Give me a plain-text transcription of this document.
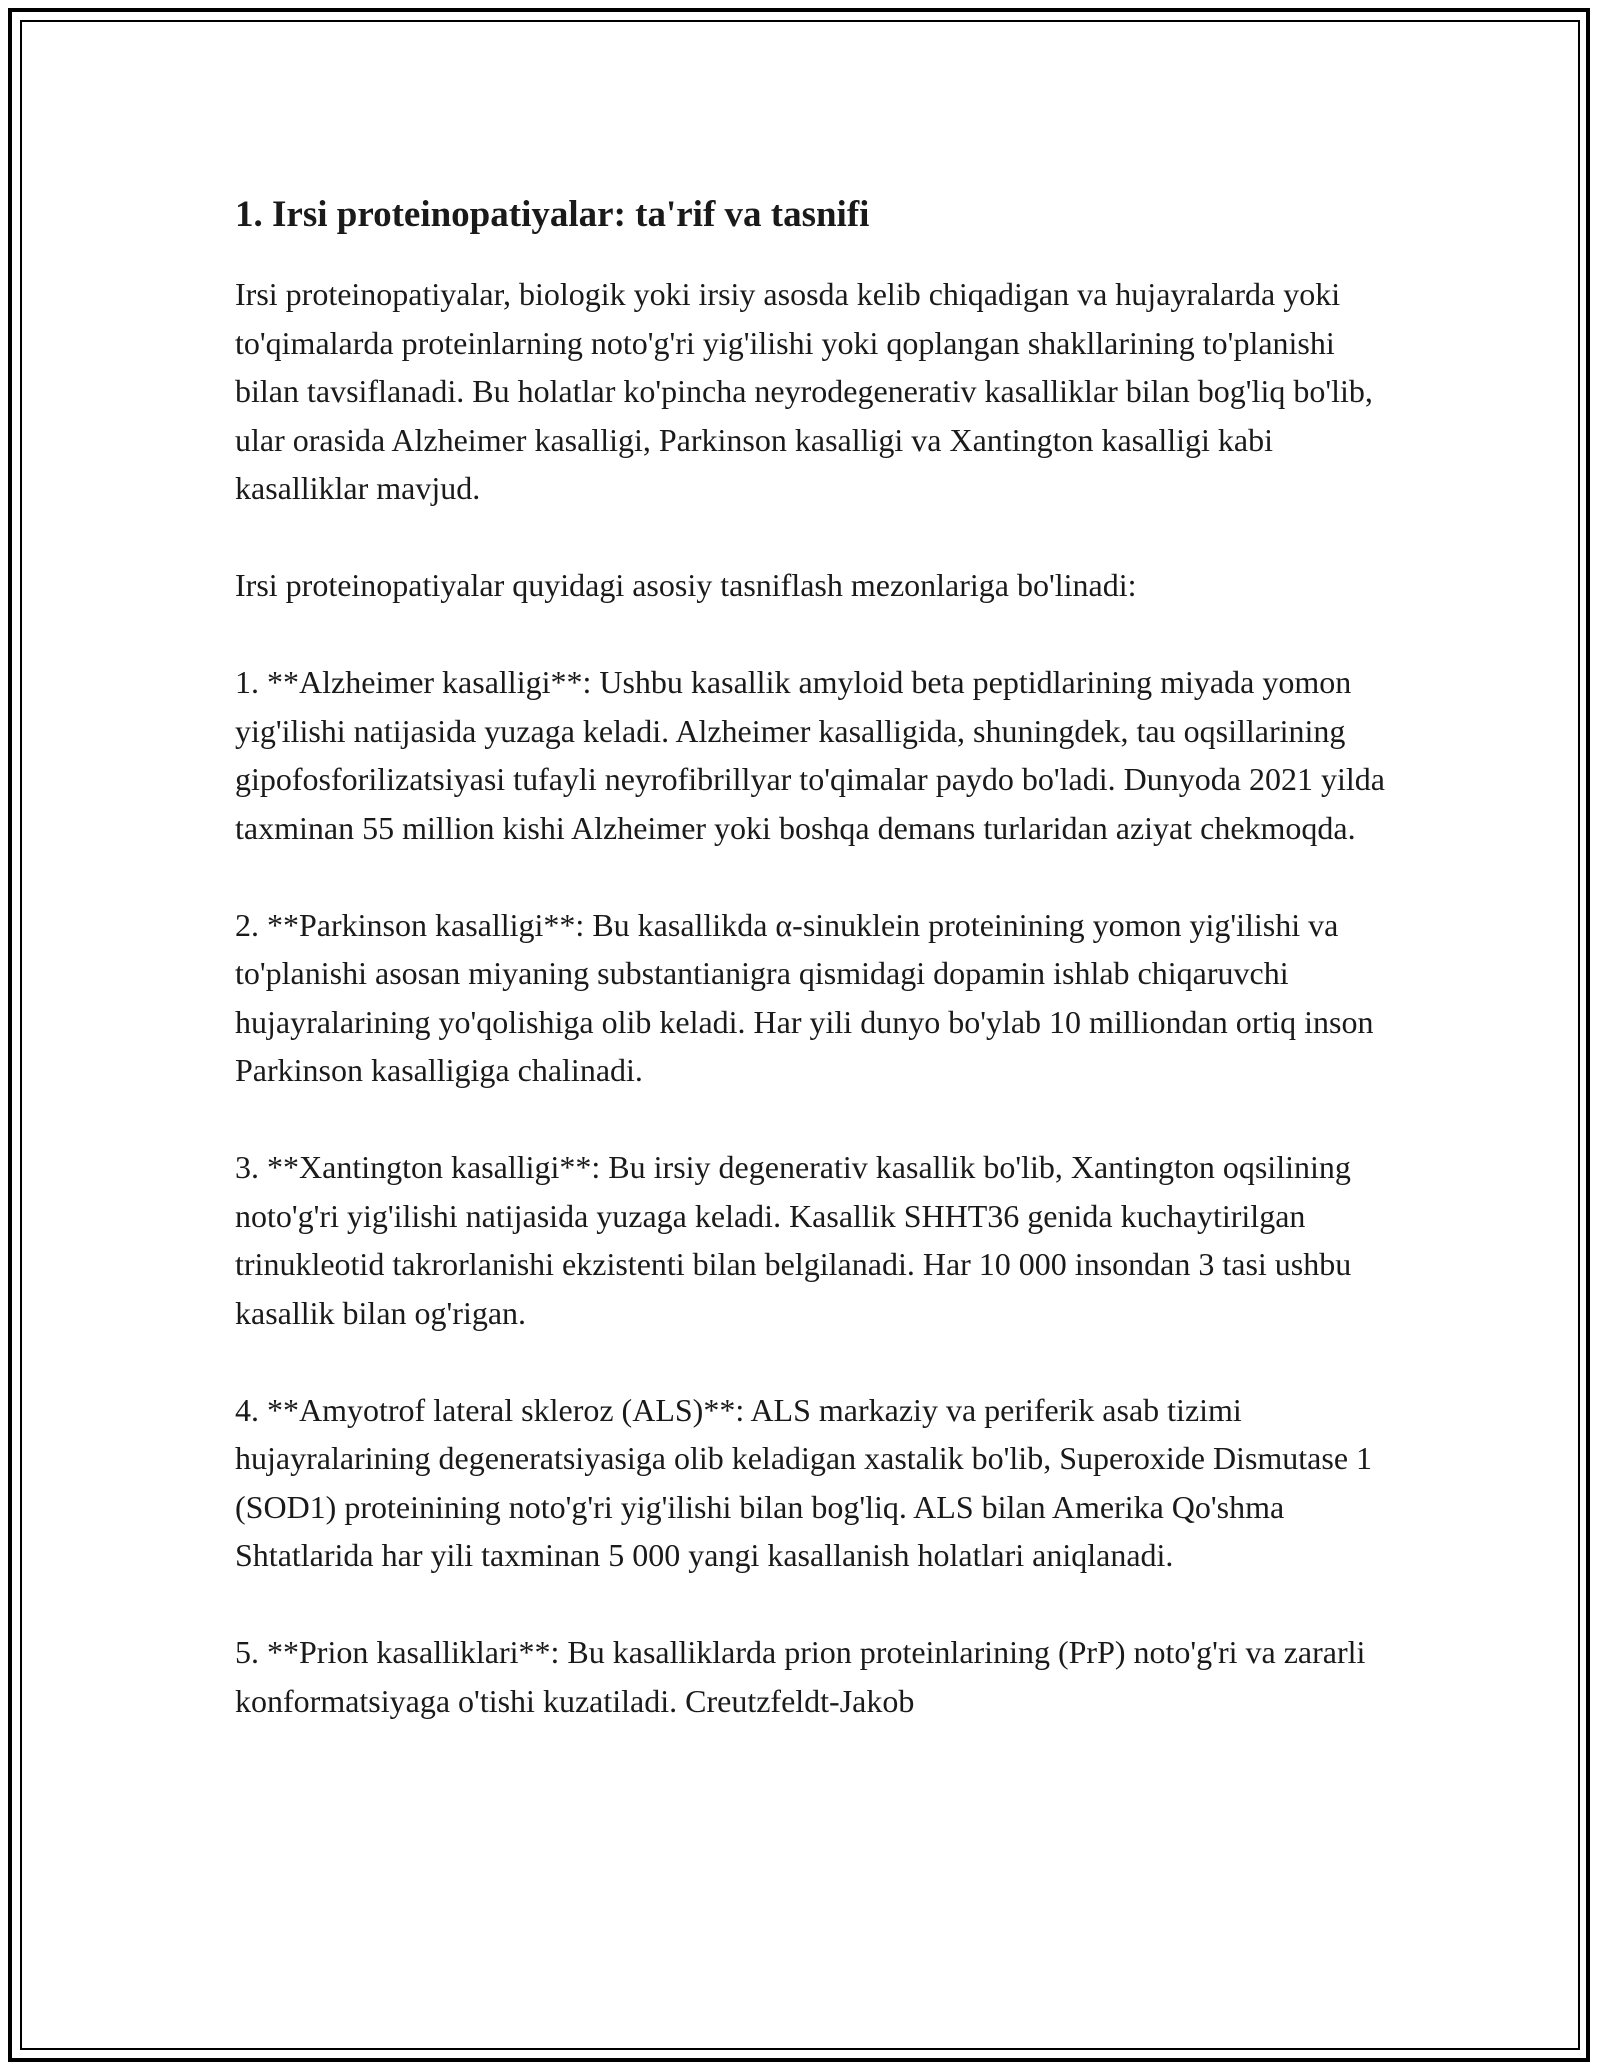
1. Irsi proteinopatiyalar: ta'rif va tasnifi

Irsi proteinopatiyalar, biologik yoki irsiy asosda kelib chiqadigan va hujayralarda yoki to'qimalarda proteinlarning noto'g'ri yig'ilishi yoki qoplangan shakllarining to'planishi bilan tavsiflanadi. Bu holatlar ko'pincha neyrodegenerativ kasalliklar bilan bog'liq bo'lib, ular orasida Alzheimer kasalligi, Parkinson kasalligi va Xantington kasalligi kabi kasalliklar mavjud.

Irsi proteinopatiyalar quyidagi asosiy tasniflash mezonlariga bo'linadi:

1. **Alzheimer kasalligi**: Ushbu kasallik amyloid beta peptidlarining miyada yomon yig'ilishi natijasida yuzaga keladi. Alzheimer kasalligida, shuningdek, tau oqsillarining gipofosforilizatsiyasi tufayli neyrofibrillyar to'qimalar paydo bo'ladi. Dunyoda 2021 yilda taxminan 55 million kishi Alzheimer yoki boshqa demans turlaridan aziyat chekmoqda.

2. **Parkinson kasalligi**: Bu kasallikda α-sinuklein proteinining yomon yig'ilishi va to'planishi asosan miyaning substantianigra qismidagi dopamin ishlab chiqaruvchi hujayralarining yo'qolishiga olib keladi. Har yili dunyo bo'ylab 10 milliondan ortiq inson Parkinson kasalligiga chalinadi.

3. **Xantington kasalligi**: Bu irsiy degenerativ kasallik bo'lib, Xantington oqsilining noto'g'ri yig'ilishi natijasida yuzaga keladi. Kasallik SHHT36 genida kuchaytirilgan trinukleotid takrorlanishi ekzistenti bilan belgilanadi. Har 10 000 insondan 3 tasi ushbu kasallik bilan og'rigan.

4. **Amyotrof lateral skleroz (ALS)**: ALS markaziy va periferik asab tizimi hujayralarining degeneratsiyasiga olib keladigan xastalik bo'lib, Superoxide Dismutase 1 (SOD1) proteinining noto'g'ri yig'ilishi bilan bog'liq. ALS bilan Amerika Qo'shma Shtatlarida har yili taxminan 5 000 yangi kasallanish holatlari aniqlanadi.

5. **Prion kasalliklari**: Bu kasalliklarda prion proteinlarining (PrP) noto'g'ri va zararli konformatsiyaga o'tishi kuzatiladi. Creutzfeldt-Jakob
